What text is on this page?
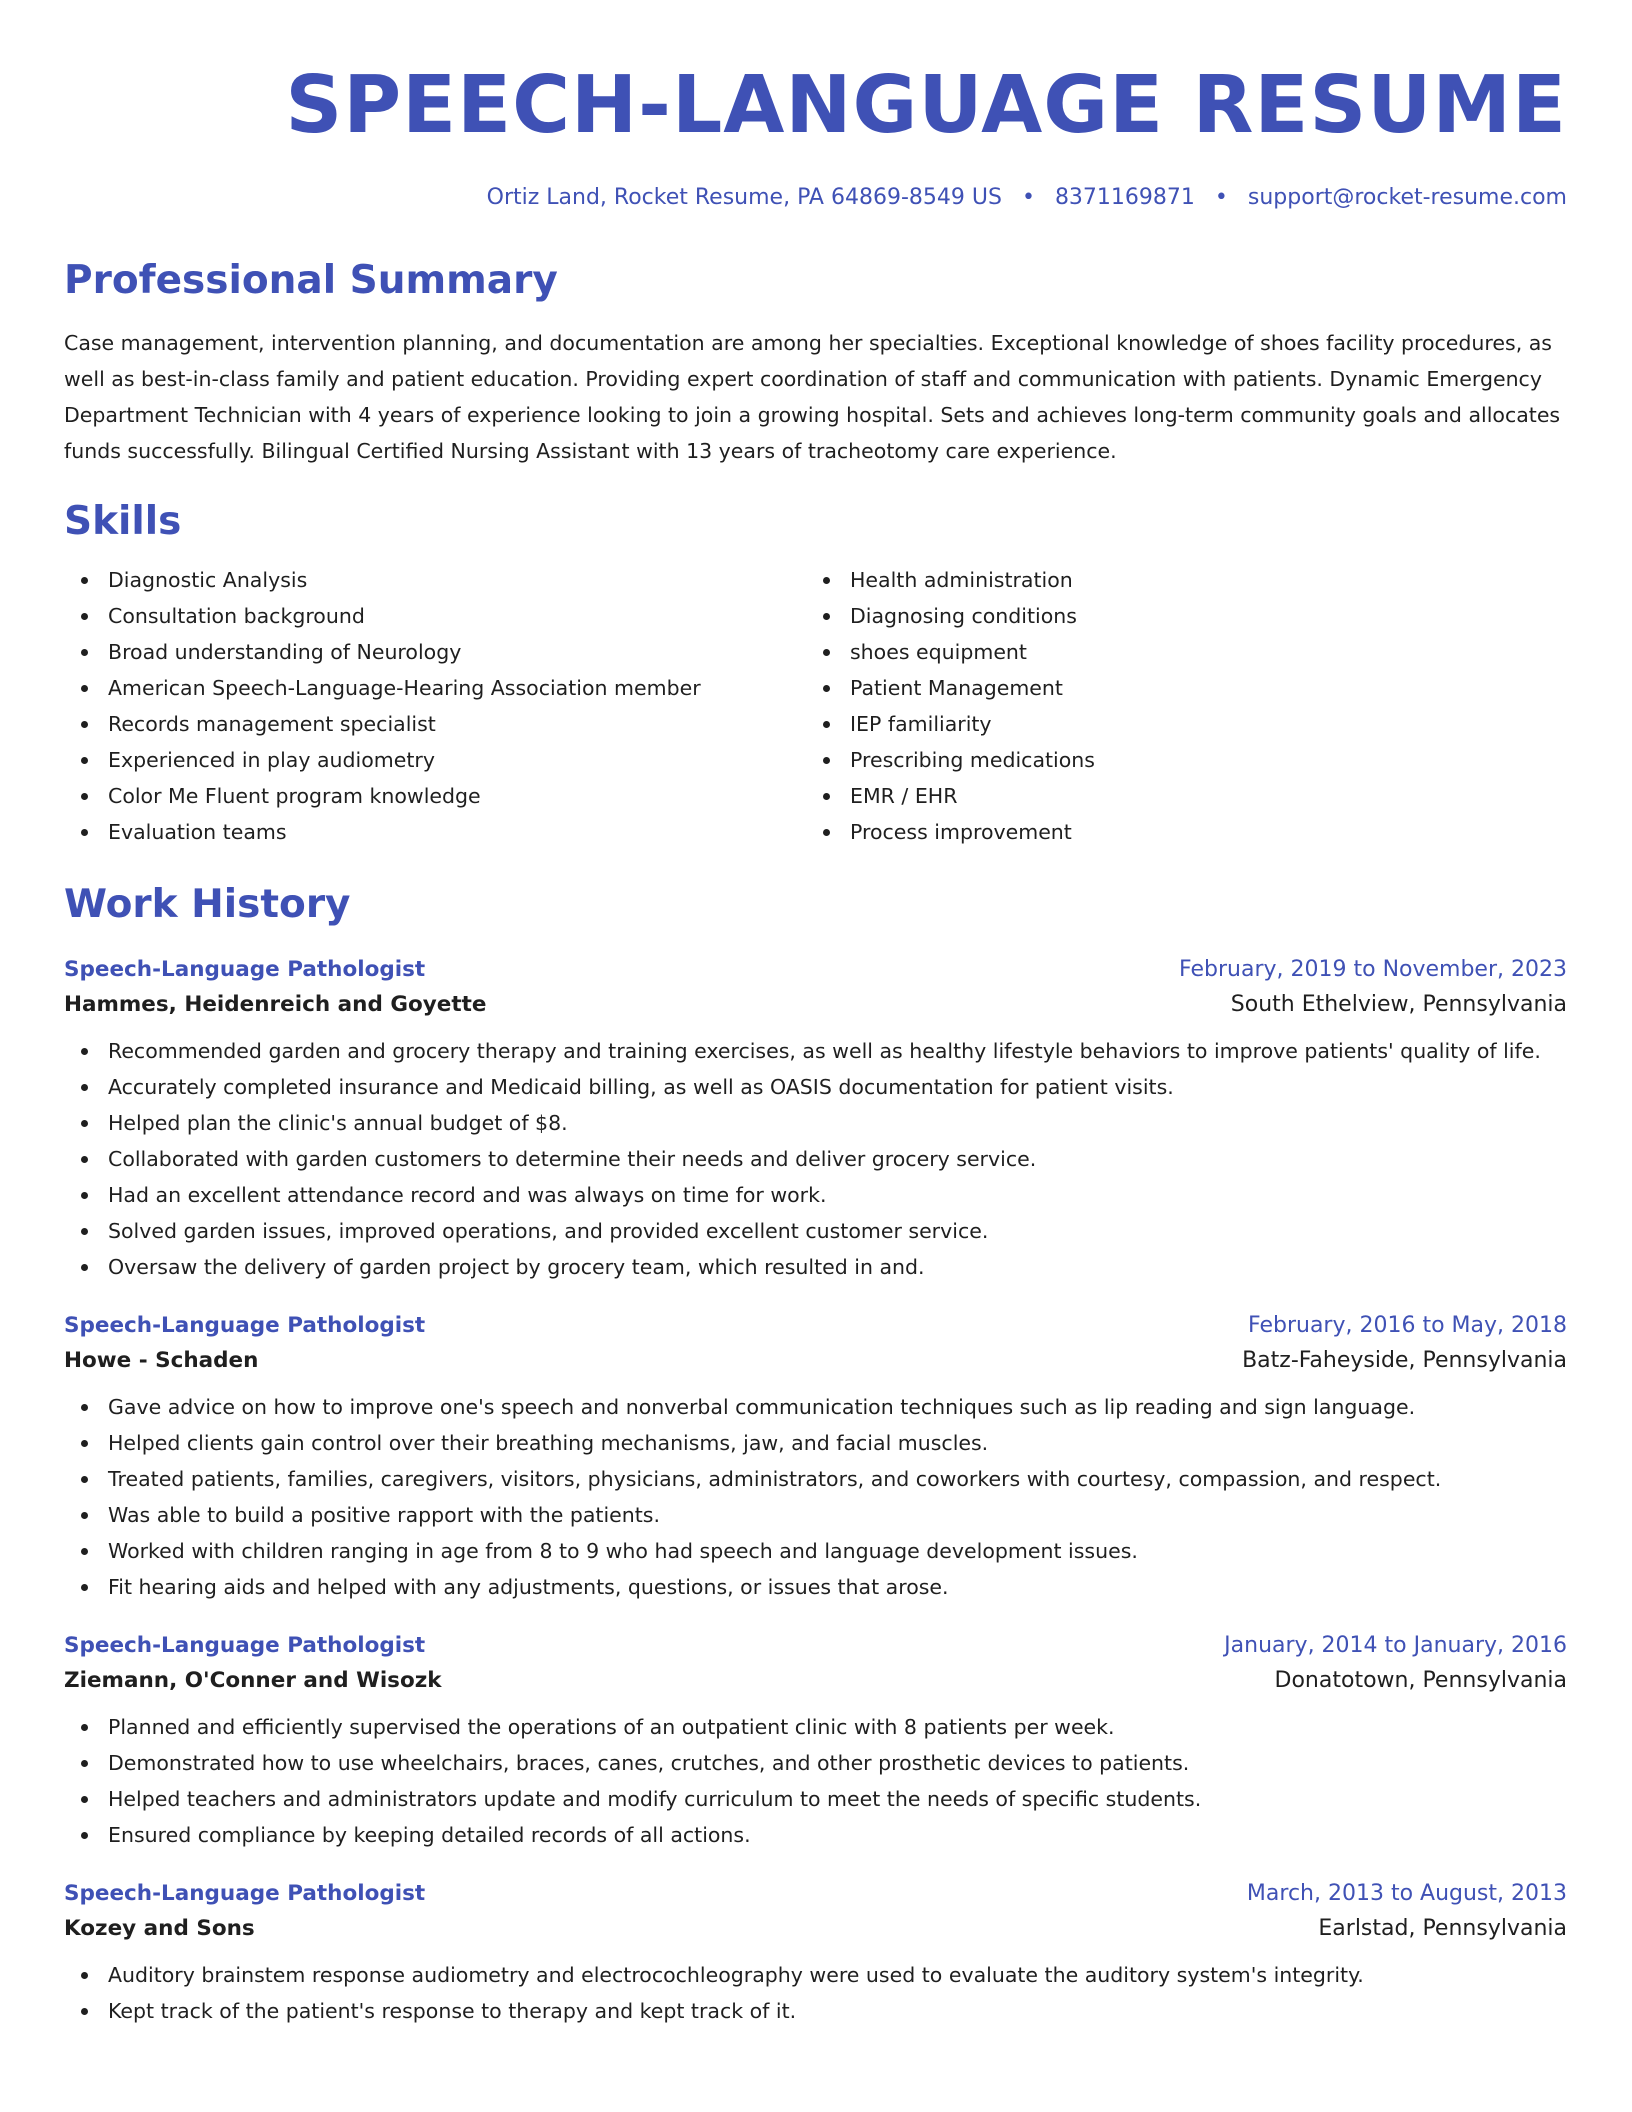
SPEECH-LANGUAGE RESUME
Ortiz Land, Rocket Resume, PA 64869-8549 US • 8371169871 • support@rocket-resume.com
Professional Summary

Case management, intervention planning, and documentation are among her specialties. Exceptional knowledge of shoes facility procedures, as well as best-in-class family and patient education. Providing expert coordination of staff and communication with patients. Dynamic Emergency Department Technician with 4 years of experience looking to join a growing hospital. Sets and achieves long-term community goals and allocates funds successfully. Bilingual Certified Nursing Assistant with 13 years of tracheotomy care experience.

Skills
Diagnostic Analysis
Consultation background
Broad understanding of Neurology
American Speech-Language-Hearing Association member
Records management specialist
Experienced in play audiometry
Color Me Fluent program knowledge
Evaluation teams
Health administration
Diagnosing conditions
shoes equipment
Patient Management
IEP familiarity
Prescribing medications
EMR / EHR
Process improvement
Work History
Speech-Language Pathologist	February, 2019 to November, 2023
Hammes, Heidenreich and Goyette	South Ethelview, Pennsylvania
Recommended garden and grocery therapy and training exercises, as well as healthy lifestyle behaviors to improve patients' quality of life.
Accurately completed insurance and Medicaid billing, as well as OASIS documentation for patient visits.
Helped plan the clinic's annual budget of $8.
Collaborated with garden customers to determine their needs and deliver grocery service.
Had an excellent attendance record and was always on time for work.
Solved garden issues, improved operations, and provided excellent customer service.
Oversaw the delivery of garden project by grocery team, which resulted in and.
Speech-Language Pathologist	February, 2016 to May, 2018
Howe - Schaden	Batz-Faheyside, Pennsylvania
Gave advice on how to improve one's speech and nonverbal communication techniques such as lip reading and sign language.
Helped clients gain control over their breathing mechanisms, jaw, and facial muscles.
Treated patients, families, caregivers, visitors, physicians, administrators, and coworkers with courtesy, compassion, and respect.
Was able to build a positive rapport with the patients.
Worked with children ranging in age from 8 to 9 who had speech and language development issues.
Fit hearing aids and helped with any adjustments, questions, or issues that arose.
Speech-Language Pathologist	January, 2014 to January, 2016
Ziemann, O'Conner and Wisozk	Donatotown, Pennsylvania
Planned and efficiently supervised the operations of an outpatient clinic with 8 patients per week.
Demonstrated how to use wheelchairs, braces, canes, crutches, and other prosthetic devices to patients.
Helped teachers and administrators update and modify curriculum to meet the needs of specific students.
Ensured compliance by keeping detailed records of all actions.
Speech-Language Pathologist	March, 2013 to August, 2013
Kozey and Sons	Earlstad, Pennsylvania
Auditory brainstem response audiometry and electrocochleography were used to evaluate the auditory system's integrity.
Kept track of the patient's response to therapy and kept track of it.
